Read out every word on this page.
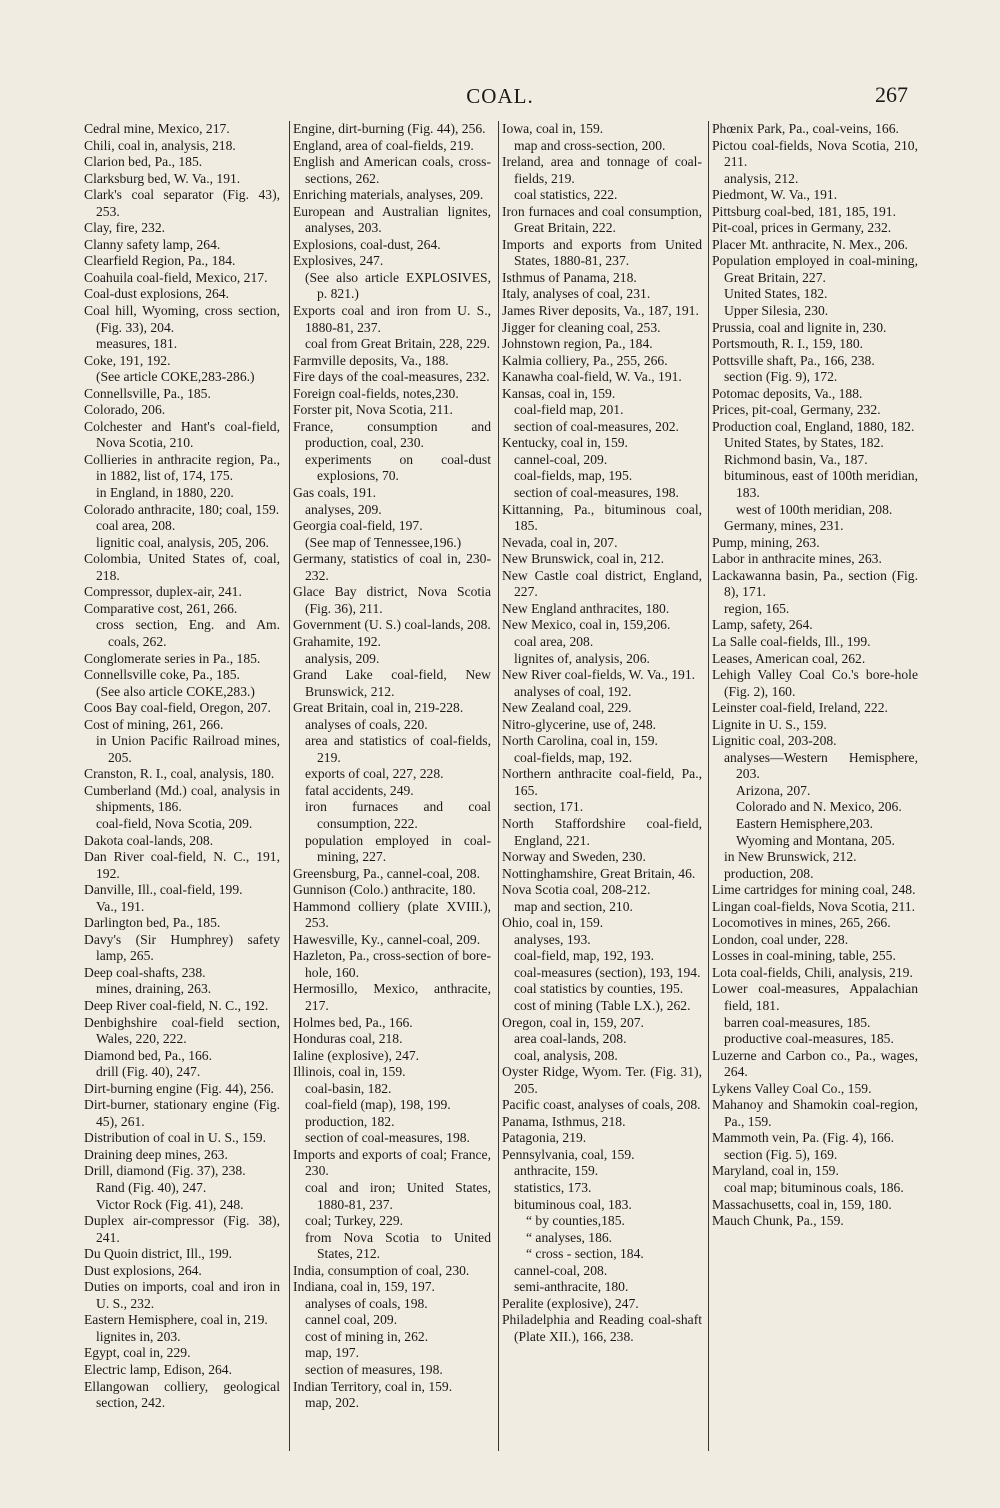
COAL.	267
Cedral mine, Mexico, 217.
Chili, coal in, analysis, 218.
Clarion bed, Pa., 185.
Clarksburg bed, W. Va., 191.
Clark's coal separator (Fig. 43), 253.
Clay, fire, 232.
Clanny safety lamp, 264.
Clearfield Region, Pa., 184.
Coahuila coal-field, Mexico, 217.
Coal-dust explosions, 264.
Coal hill, Wyoming, cross section, (Fig. 33), 204.
measures, 181.
Coke, 191, 192.
(See article COKE,283-286.)
Connellsville, Pa., 185.
Colorado, 206.
Colchester and Hant's coal-field, Nova Scotia, 210.
Collieries in anthracite region, Pa., in 1882, list of, 174, 175.
in England, in 1880, 220.
Colorado anthracite, 180; coal, 159.
coal area, 208.
lignitic coal, analysis, 205, 206.
Colombia, United States of, coal, 218.
Compressor, duplex-air, 241.
Comparative cost, 261, 266.
cross section, Eng. and Am. coals, 262.
Conglomerate series in Pa., 185.
Connellsville coke, Pa., 185.
(See also article COKE,283.)
Coos Bay coal-field, Oregon, 207.
Cost of mining, 261, 266.
in Union Pacific Railroad mines, 205.
Cranston, R. I., coal, analysis, 180.
Cumberland (Md.) coal, analysis in shipments, 186.
coal-field, Nova Scotia, 209.
Dakota coal-lands, 208.
Dan River coal-field, N. C., 191, 192.
Danville, Ill., coal-field, 199.
Va., 191.
Darlington bed, Pa., 185.
Davy's (Sir Humphrey) safety lamp, 265.
Deep coal-shafts, 238.
mines, draining, 263.
Deep River coal-field, N. C., 192.
Denbighshire coal-field section, Wales, 220, 222.
Diamond bed, Pa., 166.
drill (Fig. 40), 247.
Dirt-burning engine (Fig. 44), 256.
Dirt-burner, stationary engine (Fig. 45), 261.
Distribution of coal in U. S., 159.
Draining deep mines, 263.
Drill, diamond (Fig. 37), 238.
Rand (Fig. 40), 247.
Victor Rock (Fig. 41), 248.
Duplex air-compressor (Fig. 38), 241.
Du Quoin district, Ill., 199.
Dust explosions, 264.
Duties on imports, coal and iron in U. S., 232.
Eastern Hemisphere, coal in, 219.
lignites in, 203.
Egypt, coal in, 229.
Electric lamp, Edison, 264.
Ellangowan colliery, geological section, 242.
Engine, dirt-burning (Fig. 44), 256.
England, area of coal-fields, 219.
English and American coals, cross-sections, 262.
Enriching materials, analyses, 209.
European and Australian lignites, analyses, 203.
Explosions, coal-dust, 264.
Explosives, 247.
(See also article EXPLOSIVES, p. 821.)
Exports coal and iron from U. S., 1880-81, 237.
coal from Great Britain, 228, 229.
Farmville deposits, Va., 188.
Fire days of the coal-measures, 232.
Foreign coal-fields, notes,230.
Forster pit, Nova Scotia, 211.
France, consumption and production, coal, 230.
experiments on coal-dust explosions, 70.
Gas coals, 191.
analyses, 209.
Georgia coal-field, 197.
(See map of Tennessee,196.)
Germany, statistics of coal in, 230-232.
Glace Bay district, Nova Scotia (Fig. 36), 211.
Government (U. S.) coal-lands, 208.
Grahamite, 192.
analysis, 209.
Grand Lake coal-field, New Brunswick, 212.
Great Britain, coal in, 219-228.
analyses of coals, 220.
area and statistics of coal-fields, 219.
exports of coal, 227, 228.
fatal accidents, 249.
iron furnaces and coal consumption, 222.
population employed in coal-mining, 227.
Greensburg, Pa., cannel-coal, 208.
Gunnison (Colo.) anthracite, 180.
Hammond colliery (plate XVIII.), 253.
Hawesville, Ky., cannel-coal, 209.
Hazleton, Pa., cross-section of bore-hole, 160.
Hermosillo, Mexico, anthracite, 217.
Holmes bed, Pa., 166.
Honduras coal, 218.
Ialine (explosive), 247.
Illinois, coal in, 159.
coal-basin, 182.
coal-field (map), 198, 199.
production, 182.
section of coal-measures, 198.
Imports and exports of coal; France, 230.
coal and iron; United States, 1880-81, 237.
coal; Turkey, 229.
from Nova Scotia to United States, 212.
India, consumption of coal, 230.
Indiana, coal in, 159, 197.
analyses of coals, 198.
cannel coal, 209.
cost of mining in, 262.
map, 197.
section of measures, 198.
Indian Territory, coal in, 159.
map, 202.
Iowa, coal in, 159.
map and cross-section, 200.
Ireland, area and tonnage of coal-fields, 219.
coal statistics, 222.
Iron furnaces and coal consumption, Great Britain, 222.
Imports and exports from United States, 1880-81, 237.
Isthmus of Panama, 218.
Italy, analyses of coal, 231.
James River deposits, Va., 187, 191.
Jigger for cleaning coal, 253.
Johnstown region, Pa., 184.
Kalmia colliery, Pa., 255, 266.
Kanawha coal-field, W. Va., 191.
Kansas, coal in, 159.
coal-field map, 201.
section of coal-measures, 202.
Kentucky, coal in, 159.
cannel-coal, 209.
coal-fields, map, 195.
section of coal-measures, 198.
Kittanning, Pa., bituminous coal, 185.
Nevada, coal in, 207.
New Brunswick, coal in, 212.
New Castle coal district, England, 227.
New England anthracites, 180.
New Mexico, coal in, 159,206.
coal area, 208.
lignites of, analysis, 206.
New River coal-fields, W. Va., 191.
analyses of coal, 192.
New Zealand coal, 229.
Nitro-glycerine, use of, 248.
North Carolina, coal in, 159.
coal-fields, map, 192.
Northern anthracite coal-field, Pa., 165.
section, 171.
North Staffordshire coal-field, England, 221.
Norway and Sweden, 230.
Nottinghamshire, Great Britain, 46.
Nova Scotia coal, 208-212.
map and section, 210.
Ohio, coal in, 159.
analyses, 193.
coal-field, map, 192, 193.
coal-measures (section), 193, 194.
coal statistics by counties, 195.
cost of mining (Table LX.), 262.
Oregon, coal in, 159, 207.
area coal-lands, 208.
coal, analysis, 208.
Oyster Ridge, Wyom. Ter. (Fig. 31), 205.
Pacific coast, analyses of coals, 208.
Panama, Isthmus, 218.
Patagonia, 219.
Pennsylvania, coal, 159.
anthracite, 159.
statistics, 173.
bituminous coal, 183.
“ by counties,185.
“ analyses, 186.
“ cross - section, 184.
cannel-coal, 208.
semi-anthracite, 180.
Peralite (explosive), 247.
Philadelphia and Reading coal-shaft (Plate XII.), 166, 238.
Phœnix Park, Pa., coal-veins, 166.
Pictou coal-fields, Nova Scotia, 210, 211.
analysis, 212.
Piedmont, W. Va., 191.
Pittsburg coal-bed, 181, 185, 191.
Pit-coal, prices in Germany, 232.
Placer Mt. anthracite, N. Mex., 206.
Population employed in coal-mining, Great Britain, 227.
United States, 182.
Upper Silesia, 230.
Prussia, coal and lignite in, 230.
Portsmouth, R. I., 159, 180.
Pottsville shaft, Pa., 166, 238.
section (Fig. 9), 172.
Potomac deposits, Va., 188.
Prices, pit-coal, Germany, 232.
Production coal, England, 1880, 182.
United States, by States, 182.
Richmond basin, Va., 187.
bituminous, east of 100th meridian, 183.
west of 100th meridian, 208.
Germany, mines, 231.
Pump, mining, 263.
Labor in anthracite mines, 263.
Lackawanna basin, Pa., section (Fig. 8), 171.
region, 165.
Lamp, safety, 264.
La Salle coal-fields, Ill., 199.
Leases, American coal, 262.
Lehigh Valley Coal Co.'s bore-hole (Fig. 2), 160.
Leinster coal-field, Ireland, 222.
Lignite in U. S., 159.
Lignitic coal, 203-208.
analyses—Western Hemisphere, 203.
Arizona, 207.
Colorado and N. Mexico, 206.
Eastern Hemisphere,203.
Wyoming and Montana, 205.
in New Brunswick, 212.
production, 208.
Lime cartridges for mining coal, 248.
Lingan coal-fields, Nova Scotia, 211.
Locomotives in mines, 265, 266.
London, coal under, 228.
Losses in coal-mining, table, 255.
Lota coal-fields, Chili, analysis, 219.
Lower coal-measures, Appalachian field, 181.
barren coal-measures, 185.
productive coal-measures, 185.
Luzerne and Carbon co., Pa., wages, 264.
Lykens Valley Coal Co., 159.
Mahanoy and Shamokin coal-region, Pa., 159.
Mammoth vein, Pa. (Fig. 4), 166.
section (Fig. 5), 169.
Maryland, coal in, 159.
coal map; bituminous coals, 186.
Massachusetts, coal in, 159, 180.
Mauch Chunk, Pa., 159.
